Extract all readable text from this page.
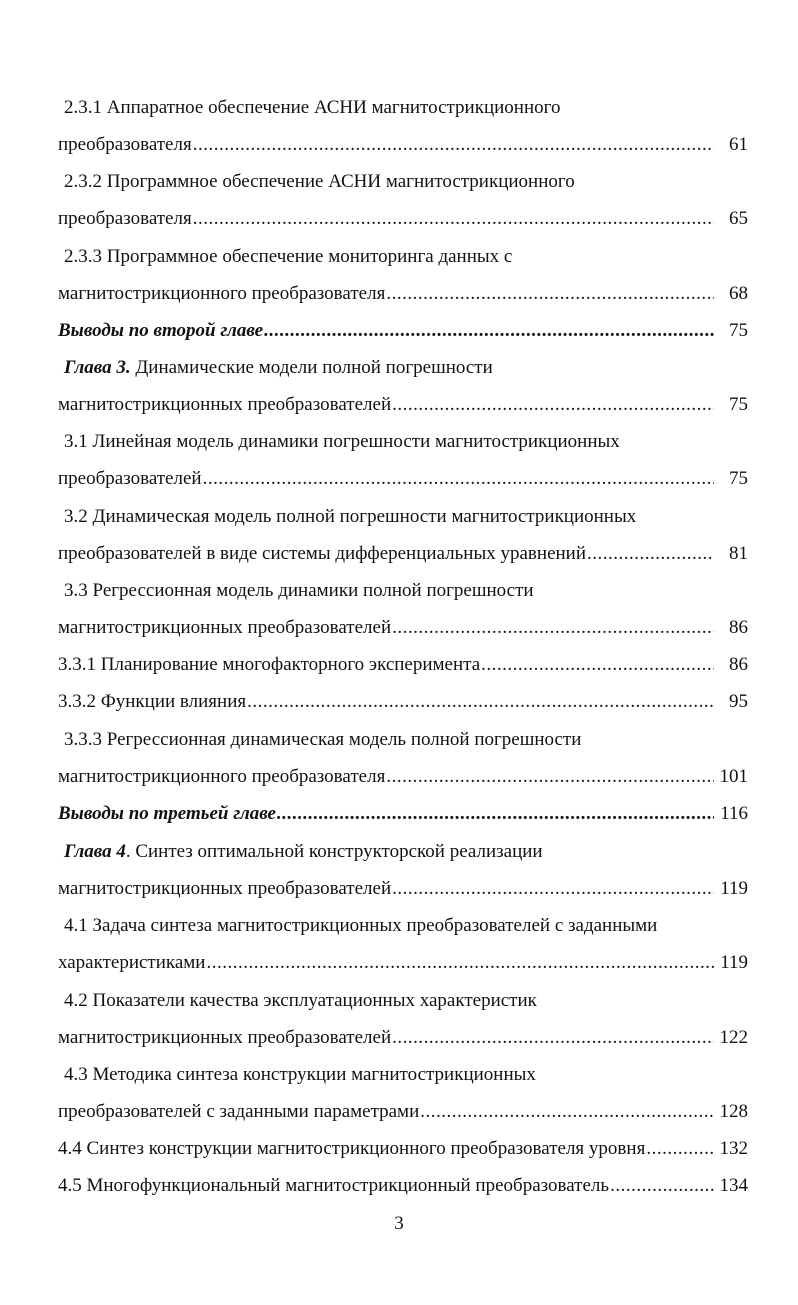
2.3.1 Аппаратное обеспечение АСНИ магнитострикционного
преобразователя .....	61
2.3.2 Программное обеспечение АСНИ магнитострикционного
преобразователя .....	65
2.3.3 Программное обеспечение мониторинга данных с
магнитострикционного преобразователя .....	68
Выводы по второй главе .....	75
Глава 3. Динамические модели полной погрешности
магнитострикционных преобразователей .....	75
3.1 Линейная модель динамики погрешности магнитострикционных
преобразователей .....	75
3.2 Динамическая модель полной погрешности магнитострикционных
преобразователей в виде системы дифференциальных уравнений .....	81
3.3 Регрессионная модель динамики полной погрешности
магнитострикционных преобразователей .....	86
3.3.1 Планирование многофакторного эксперимента .....	86
3.3.2 Функции влияния .....	95
3.3.3 Регрессионная динамическая модель полной погрешности
магнитострикционного преобразователя .....	101
Выводы по третьей главе .....	116
Глава 4. Синтез оптимальной конструкторской реализации
магнитострикционных преобразователей .....	119
4.1 Задача синтеза магнитострикционных преобразователей с заданными
характеристиками .....	119
4.2 Показатели качества эксплуатационных характеристик
магнитострикционных преобразователей .....	122
4.3 Методика синтеза конструкции магнитострикционных
преобразователей с заданными параметрами .....	128
4.4 Синтез конструкции магнитострикционного преобразователя уровня .....	132
4.5 Многофункциональный магнитострикционный преобразователь .....	134
3
